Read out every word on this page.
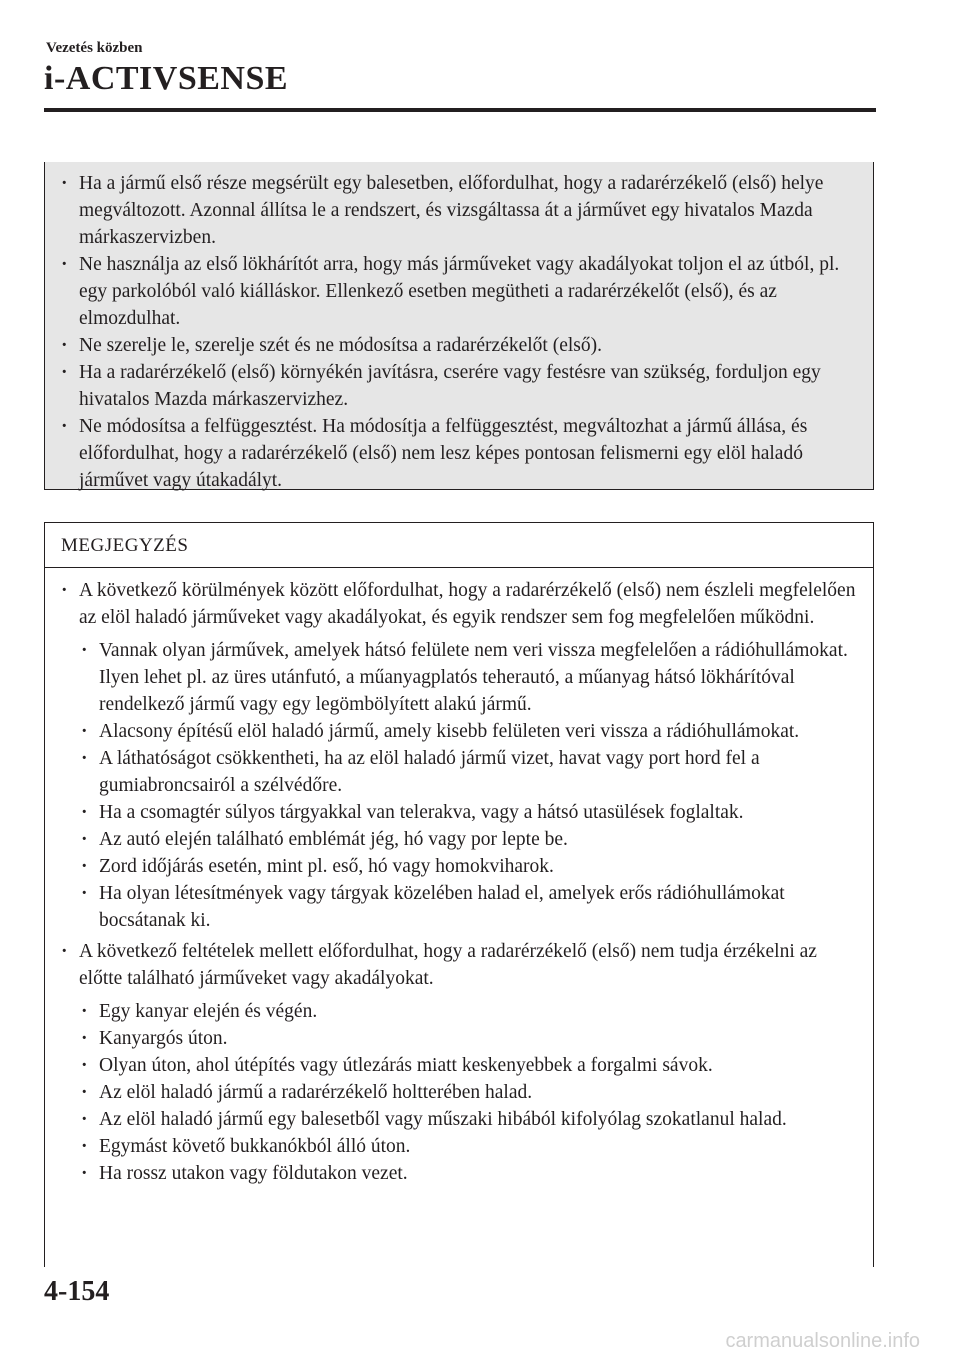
Vezetés közben
i-ACTIVSENSE
· Ha a jármű első része megsérült egy balesetben, előfordulhat, hogy a radarérzékelő (első) helye megváltozott. Azonnal állítsa le a rendszert, és vizsgáltassa át a járművet egy hivatalos Mazda márkaszervizben.
· Ne használja az első lökhárítót arra, hogy más járműveket vagy akadályokat toljon el az útból, pl. egy parkolóból való kiálláskor. Ellenkező esetben megütheti a radarérzékelőt (első), és az elmozdulhat.
· Ne szerelje le, szerelje szét és ne módosítsa a radarérzékelőt (első).
· Ha a radarérzékelő (első) környékén javításra, cserére vagy festésre van szükség, forduljon egy hivatalos Mazda márkaszervizhez.
· Ne módosítsa a felfüggesztést. Ha módosítja a felfüggesztést, megváltozhat a jármű állása, és előfordulhat, hogy a radarérzékelő (első) nem lesz képes pontosan felismerni egy elöl haladó járművet vagy útakadályt.
MEGJEGYZÉS
· A következő körülmények között előfordulhat, hogy a radarérzékelő (első) nem észleli megfelelően az elöl haladó járműveket vagy akadályokat, és egyik rendszer sem fog megfelelően működni.
· Vannak olyan járművek, amelyek hátsó felülete nem veri vissza megfelelően a rádióhullámokat. Ilyen lehet pl. az üres utánfutó, a műanyagplatós teherautó, a műanyag hátsó lökhárítóval rendelkező jármű vagy egy legömbölyített alakú jármű.
· Alacsony építésű elöl haladó jármű, amely kisebb felületen veri vissza a rádióhullámokat.
· A láthatóságot csökkentheti, ha az elöl haladó jármű vizet, havat vagy port hord fel a gumiabroncsairól a szélvédőre.
· Ha a csomagtér súlyos tárgyakkal van telerakva, vagy a hátsó utasülések foglaltak.
· Az autó elején található emblémát jég, hó vagy por lepte be.
· Zord időjárás esetén, mint pl. eső, hó vagy homokviharok.
· Ha olyan létesítmények vagy tárgyak közelében halad el, amelyek erős rádióhullámokat bocsátanak ki.
· A következő feltételek mellett előfordulhat, hogy a radarérzékelő (első) nem tudja érzékelni az előtte található járműveket vagy akadályokat.
· Egy kanyar elején és végén.
· Kanyargós úton.
· Olyan úton, ahol útépítés vagy útlezárás miatt keskenyebbek a forgalmi sávok.
· Az elöl haladó jármű a radarérzékelő holtterében halad.
· Az elöl haladó jármű egy balesetből vagy műszaki hibából kifolyólag szokatlanul halad.
· Egymást követő bukkanókból álló úton.
· Ha rossz utakon vagy földutakon vezet.
4-154
carmanualsonline.info
